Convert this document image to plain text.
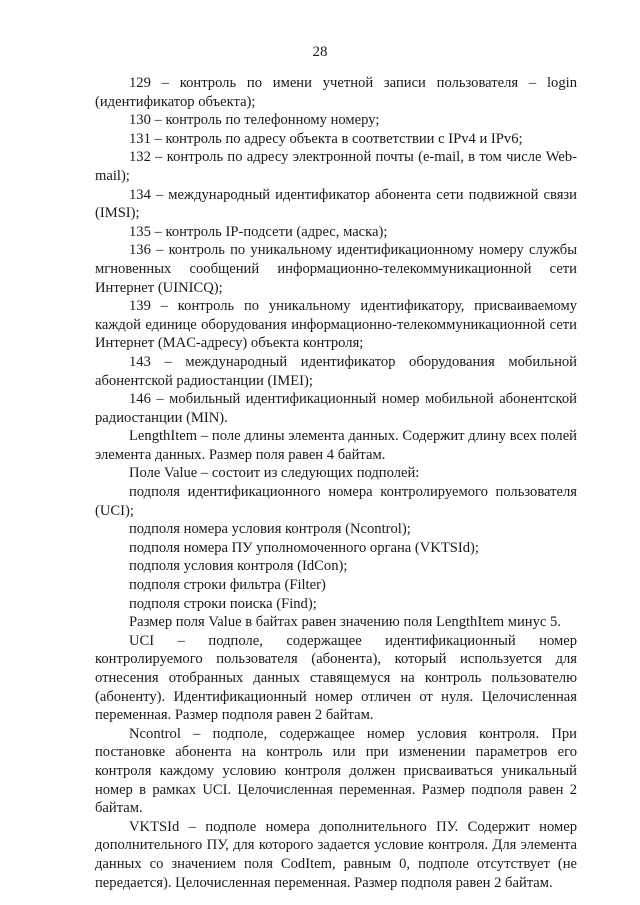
28

129 – контроль по имени учетной записи пользователя – login (идентификатор объекта);

130 – контроль по телефонному номеру;

131 – контроль по адресу объекта в соответствии с IPv4 и IPv6;

132 – контроль по адресу электронной почты (e-mail, в том числе Web-mail);

134 – международный идентификатор абонента сети подвижной связи (IMSI);

135 – контроль IP-подсети (адрес, маска);

136 – контроль по уникальному идентификационному номеру службы мгновенных сообщений информационно-телекоммуникационной сети Интернет (UINICQ);

139 – контроль по уникальному идентификатору, присваиваемому каждой единице оборудования информационно-телекоммуникационной сети Интернет (MAC-адресу) объекта контроля;

143 – международный идентификатор оборудования мобильной абонентской радиостанции (IMEI);

146 – мобильный идентификационный номер мобильной абонентской радиостанции (MIN).

LengthItem – поле длины элемента данных. Содержит длину всех полей элемента данных. Размер поля равен 4 байтам.

Поле Value – состоит из следующих подполей:

подполя идентификационного номера контролируемого пользователя (UCI);

подполя номера условия контроля (Ncontrol);

подполя номера ПУ уполномоченного органа (VKTSId);

подполя условия контроля (IdCon);

подполя строки фильтра (Filter)

подполя строки поиска (Find);

Размер поля Value в байтах равен значению поля LengthItem минус 5.

UCI – подполе, содержащее идентификационный номер контролируемого пользователя (абонента), который используется для отнесения отобранных данных ставящемуся на контроль пользователю (абоненту). Идентификационный номер отличен от нуля. Целочисленная переменная. Размер подполя равен 2 байтам.

Ncontrol – подполе, содержащее номер условия контроля. При постановке абонента на контроль или при изменении параметров его контроля каждому условию контроля должен присваиваться уникальный номер в рамках UCI. Целочисленная переменная. Размер подполя равен 2 байтам.

VKTSId – подполе номера дополнительного ПУ. Содержит номер дополнительного ПУ, для которого задается условие контроля. Для элемента данных со значением поля CodItem, равным 0, подполе отсутствует (не передается). Целочисленная переменная. Размер подполя равен 2 байтам.
